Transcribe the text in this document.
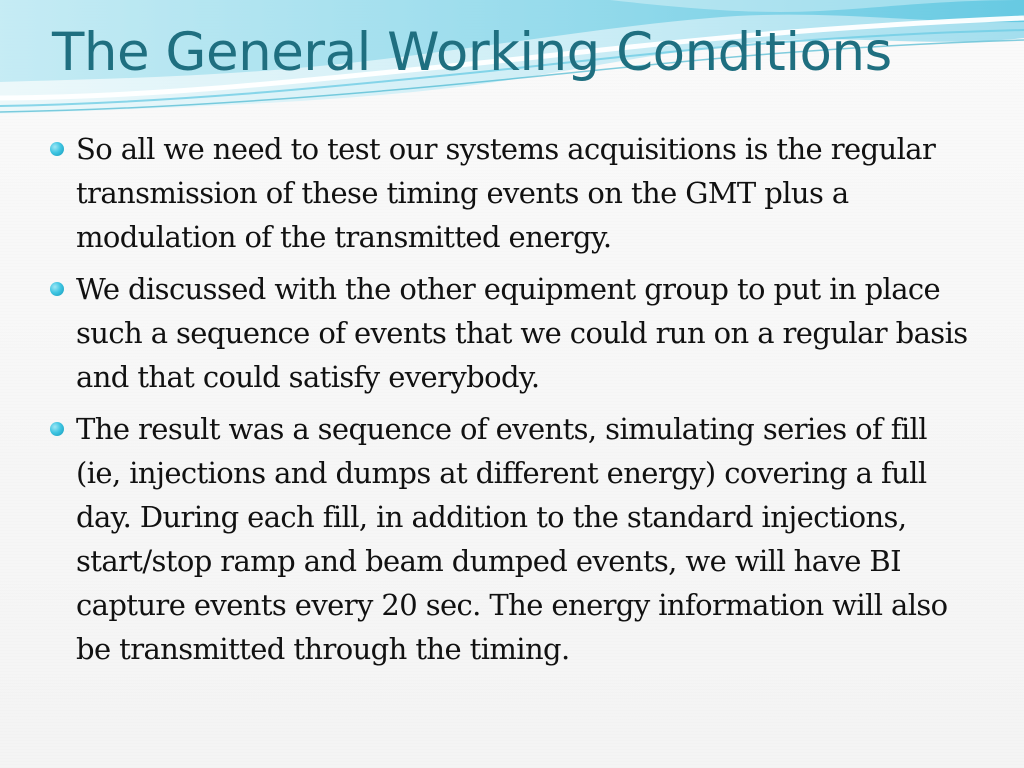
The General Working Conditions
So all we need to test our systems acquisitions is the regular transmission of these timing events on the GMT plus a modulation of the transmitted energy.
We discussed with the other equipment group to put in place such a sequence of events that we could run on a regular basis and that could satisfy everybody.
The result was a sequence of events, simulating series of fill (ie, injections and dumps at different energy) covering a full day. During each fill, in addition to the standard injections, start/stop ramp and beam dumped events, we will have BI capture events every 20 sec. The energy information will also be transmitted through the timing.
